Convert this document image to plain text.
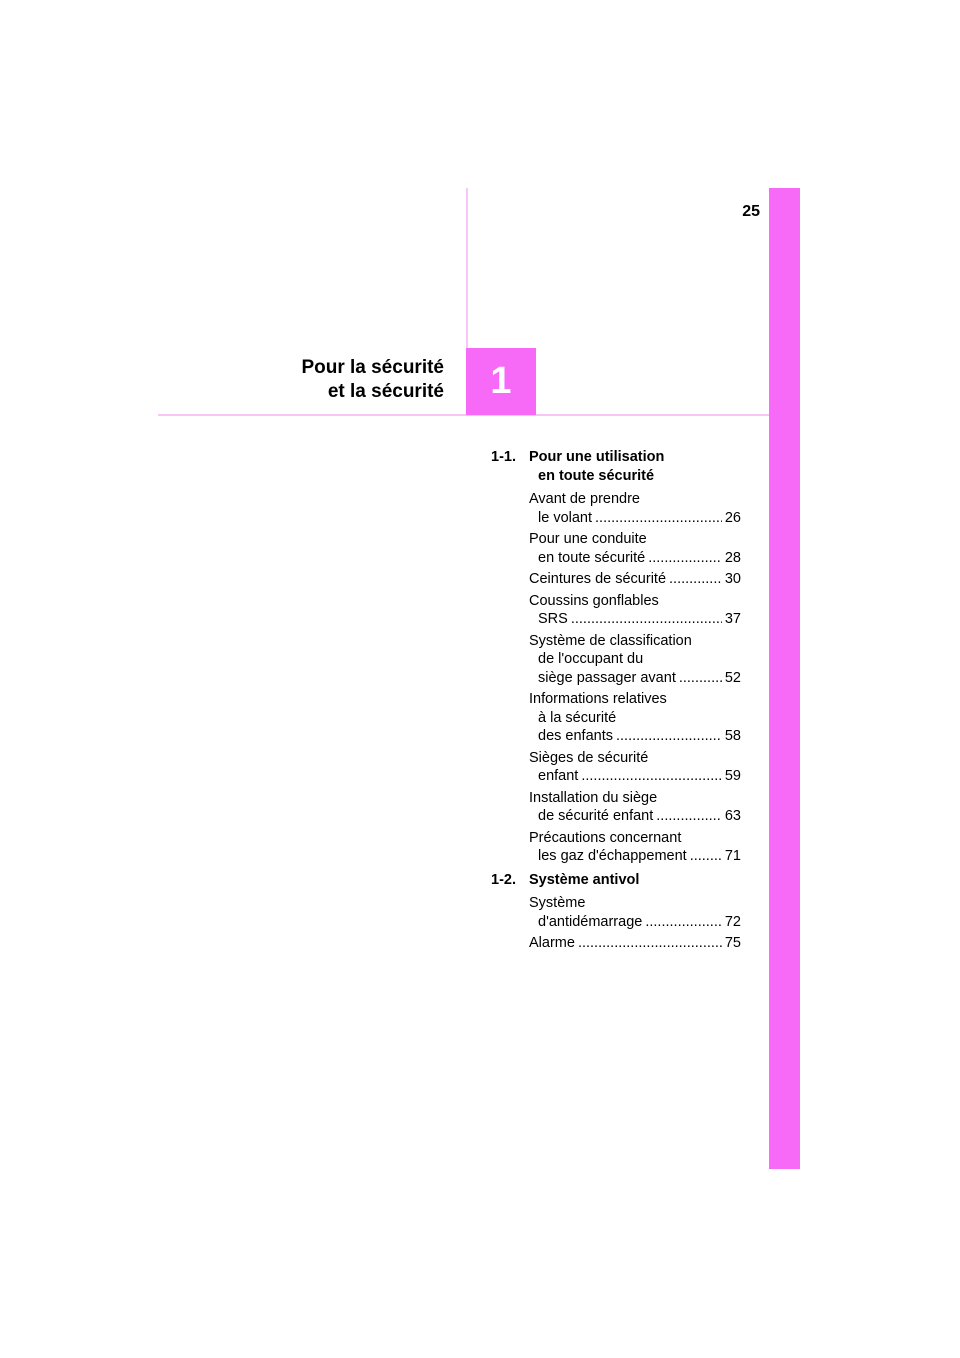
25
Pour la sécurité
et la sécurité 1
1-1. Pour une utilisation
en toute sécurité
Avant de prendre
le volant .....	26
Pour une conduite
en toute sécurité .....	28
Ceintures de sécurité .....	30
Coussins gonflables
SRS .....	37
Système de classification
de l'occupant du
siège passager avant .....	52
Informations relatives
à la sécurité
des enfants .....	58
Sièges de sécurité
enfant .....	59
Installation du siège
de sécurité enfant .....	63
Précautions concernant
les gaz d'échappement .....	71
1-2. Système antivol
Système
d'antidémarrage .....	72
Alarme .....	75
